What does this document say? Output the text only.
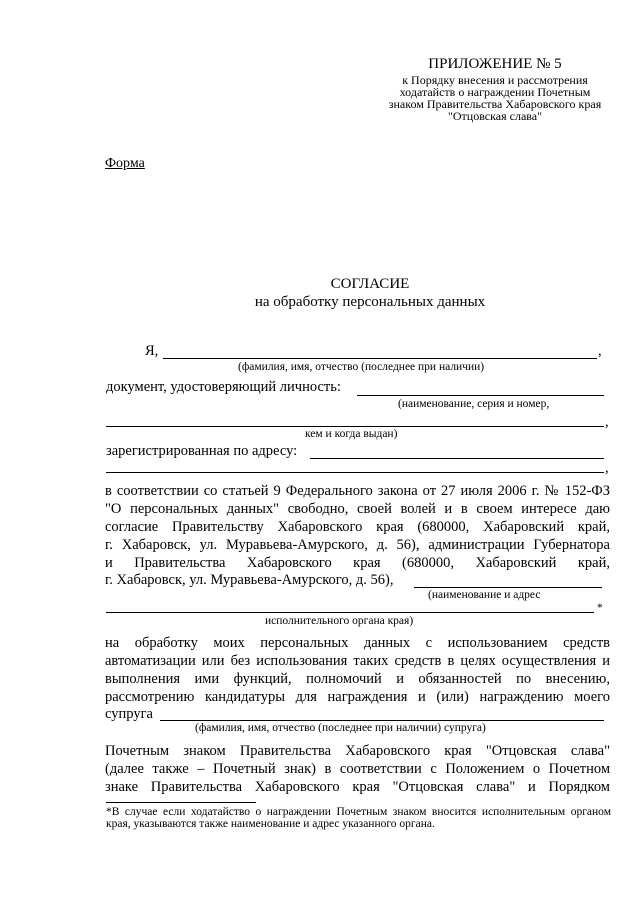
ПРИЛОЖЕНИЕ № 5
к Порядку внесения и рассмотрения
ходатайств о награждении Почетным
знаком Правительства Хабаровского края
"Отцовская слава"
Форма
СОГЛАСИЕ
на обработку персональных данных
Я,	,
(фамилия, имя, отчество (последнее при наличии)
документ, удостоверяющий личность:
(наименование, серия и номер,
,
кем и когда выдан)
зарегистрированная по адресу:
,
в соответствии со статьей 9 Федерального закона от 27 июля 2006 г. № 152-ФЗ
"О персональных данных" свободно, своей волей и в своем интересе даю
согласие Правительству Хабаровского края (680000, Хабаровский край,
г. Хабаровск, ул. Муравьева-Амурского, д. 56), администрации Губернатора
и Правительства Хабаровского края (680000, Хабаровский край,
г. Хабаровск, ул. Муравьева-Амурского, д. 56),
(наименование и адрес
*
исполнительного органа края)
на обработку моих персональных данных с использованием средств
автоматизации или без использования таких средств в целях осуществления и
выполнения ими функций, полномочий и обязанностей по внесению,
рассмотрению кандидатуры для награждения и (или) награждению моего
супруга
(фамилия, имя, отчество (последнее при наличии) супруга)
Почетным знаком Правительства Хабаровского края "Отцовская слава"
(далее также – Почетный знак) в соответствии с Положением о Почетном
знаке Правительства Хабаровского края "Отцовская слава" и Порядком
*В случае если ходатайство о награждении Почетным знаком вносится исполнительным органом края, указываются также наименование и адрес указанного органа.
